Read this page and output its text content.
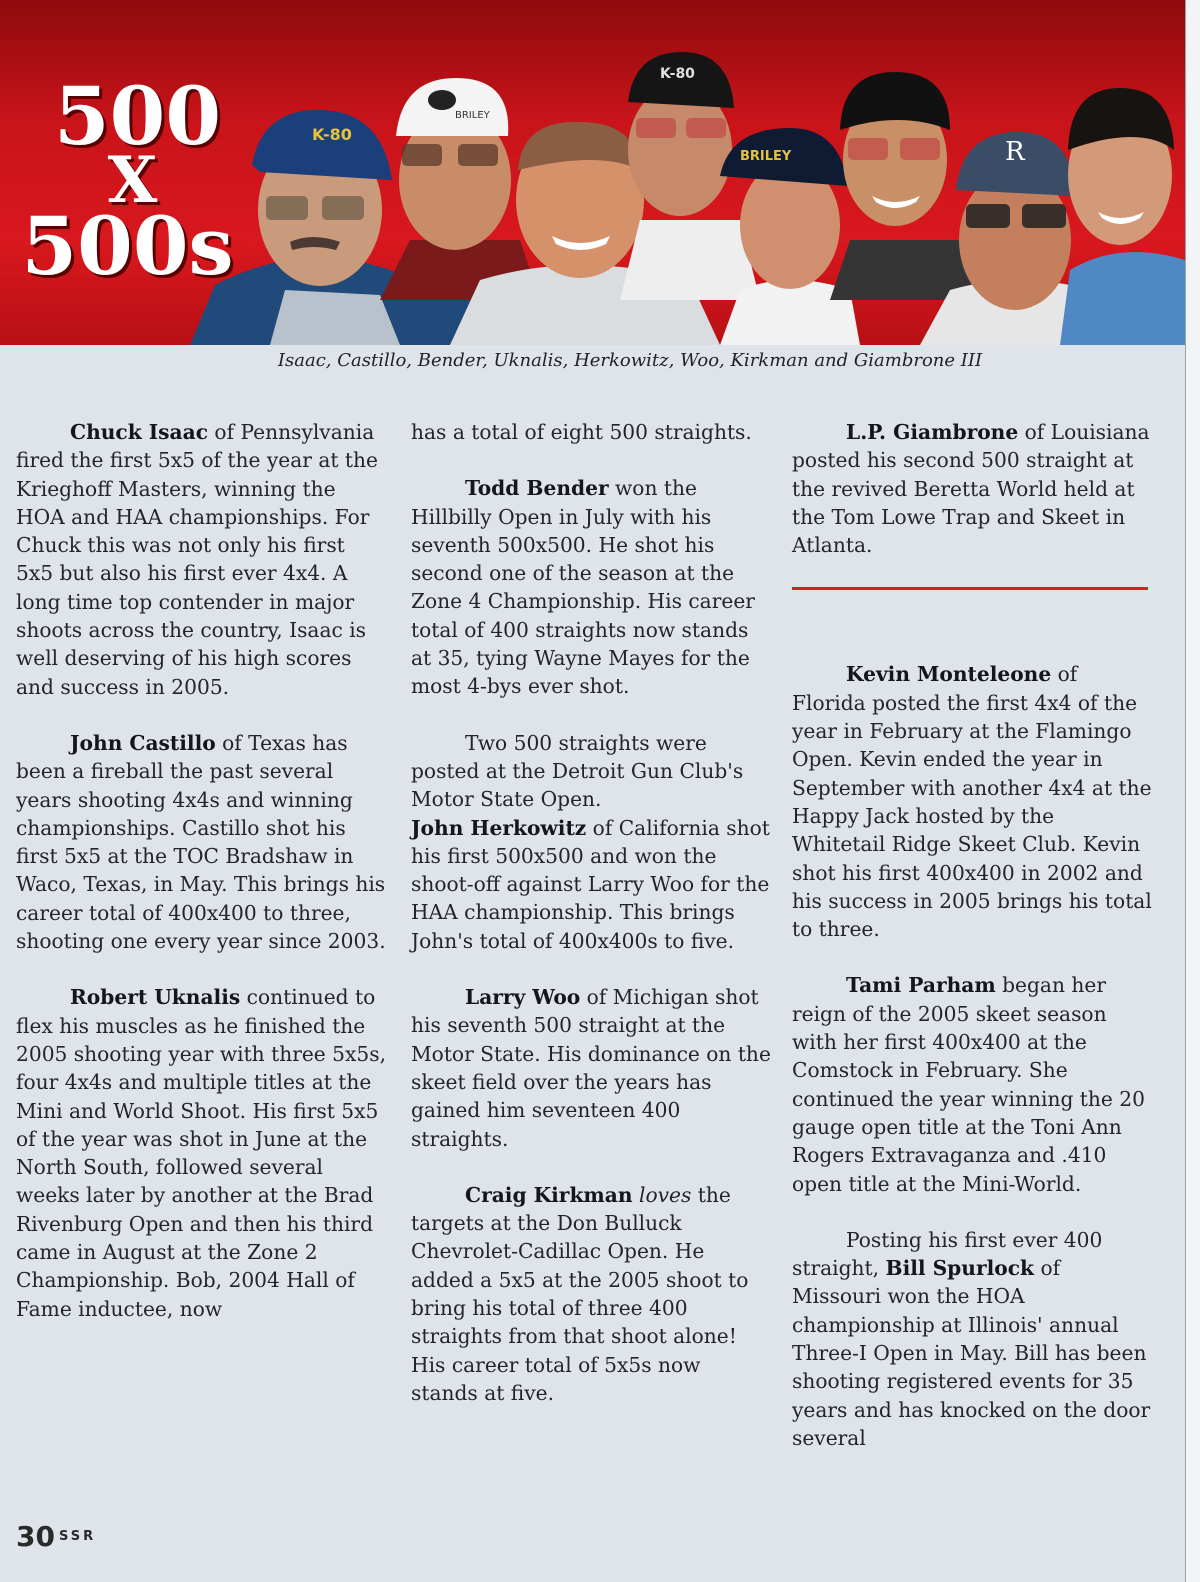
K-80
BRILEY
K-80
BRILEY	R
500
X
500s
Isaac, Castillo, Bender, Uknalis, Herkowitz, Woo, Kirkman and Giambrone III

Chuck Isaac of Pennsylvania fired the first 5x5 of the year at the Krieghoff Masters, winning the HOA and HAA championships. For Chuck this was not only his first 5x5 but also his first ever 4x4. A long time top contender in major shoots across the country, Isaac is well deserving of his high scores and success in 2005.

John Castillo of Texas has been a fireball the past several years shooting 4x4s and winning championships. Castillo shot his first 5x5 at the TOC Bradshaw in Waco, Texas, in May. This brings his career total of 400x400 to three, shooting one every year since 2003.

Robert Uknalis continued to flex his muscles as he finished the 2005 shooting year with three 5x5s, four 4x4s and multiple titles at the Mini and World Shoot. His first 5x5 of the year was shot in June at the North South, followed several weeks later by another at the Brad Rivenburg Open and then his third came in August at the Zone 2 Championship. Bob, 2004 Hall of Fame inductee, now

has a total of eight 500 straights.

Todd Bender won the Hillbilly Open in July with his seventh 500x500. He shot his second one of the season at the Zone 4 Championship. His career total of 400 straights now stands at 35, tying Wayne Mayes for the most 4-bys ever shot.

Two 500 straights were posted at the Detroit Gun Club's Motor State Open.
John Herkowitz of California shot his first 500x500 and won the shoot-off against Larry Woo for the HAA championship. This brings John's total of 400x400s to five.

Larry Woo of Michigan shot his seventh 500 straight at the Motor State. His dominance on the skeet field over the years has gained him seventeen 400 straights.

Craig Kirkman loves the targets at the Don Bulluck Chevrolet-Cadillac Open. He added a 5x5 at the 2005 shoot to bring his total of three 400 straights from that shoot alone! His career total of 5x5s now stands at five.

L.P. Giambrone of Louisiana posted his second 500 straight at the revived Beretta World held at the Tom Lowe Trap and Skeet in Atlanta.

Kevin Monteleone of Florida posted the first 4x4 of the year in February at the Flamingo Open. Kevin ended the year in September with another 4x4 at the Happy Jack hosted by the Whitetail Ridge Skeet Club. Kevin shot his first 400x400 in 2002 and his success in 2005 brings his total to three.

Tami Parham began her reign of the 2005 skeet season with her first 400x400 at the Comstock in February. She continued the year winning the 20 gauge open title at the Toni Ann Rogers Extravaganza and .410 open title at the Mini-World.

Posting his first ever 400 straight, Bill Spurlock of Missouri won the HOA championship at Illinois' annual Three-I Open in May. Bill has been shooting registered events for 35 years and has knocked on the door several

30 SSR
